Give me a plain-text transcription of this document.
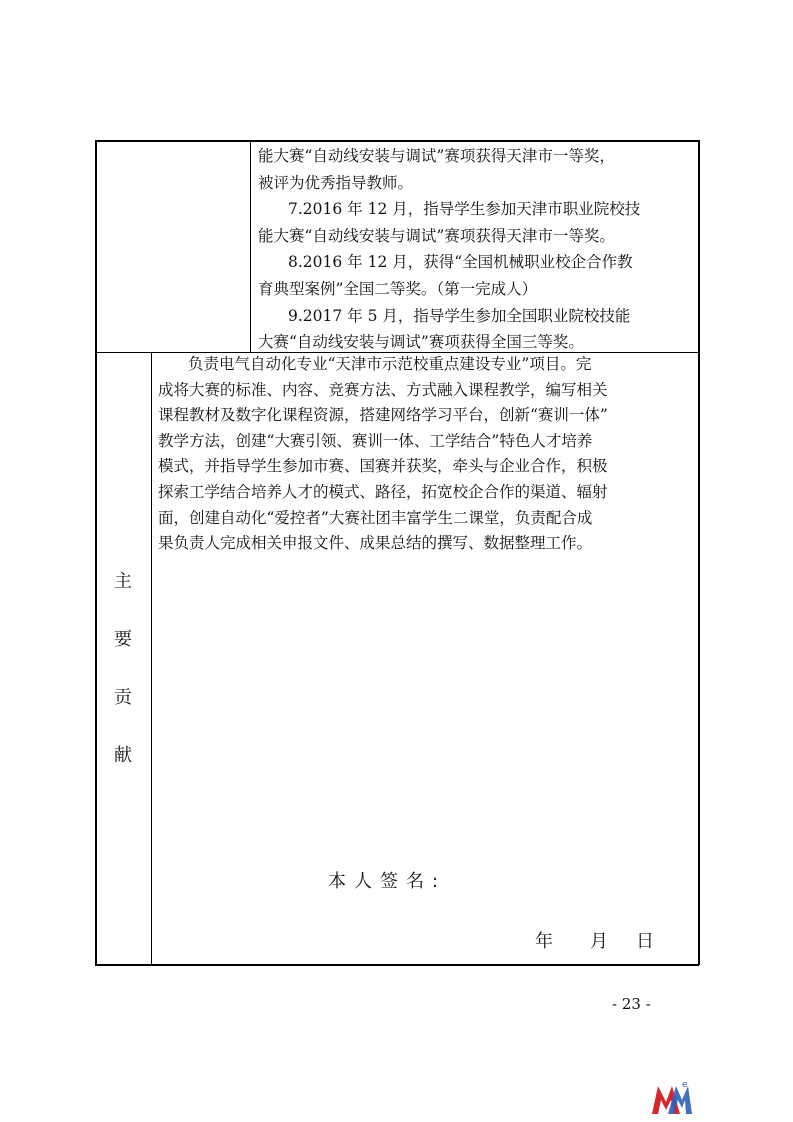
能大赛“自动线安装与调试”赛项获得天津市一等奖，

被评为优秀指导教师。

7.2016 年 12 月，指导学生参加天津市职业院校技

能大赛“自动线安装与调试”赛项获得天津市一等奖。

8.2016 年 12 月，获得“全国机械职业校企合作教

育典型案例”全国二等奖。（第一完成人）

9.2017 年 5 月，指导学生参加全国职业院校技能

大赛“自动线安装与调试”赛项获得全国三等奖。

主
要
贡
献

负责电气自动化专业“天津市示范校重点建设专业”项目。完

成将大赛的标准、内容、竞赛方法、方式融入课程教学，编写相关

课程教材及数字化课程资源，搭建网络学习平台，创新“赛训一体”

教学方法，创建“大赛引领、赛训一体、工学结合”特色人才培养

模式，并指导学生参加市赛、国赛并获奖，牵头与企业合作，积极

探索工学结合培养人才的模式、路径，拓宽校企合作的渠道、辐射

面，创建自动化“爱控者”大赛社团丰富学生二课堂，负责配合成

果负责人完成相关申报文件、成果总结的撰写、数据整理工作。

本人签名:
年 月 日
- 23 -
e
